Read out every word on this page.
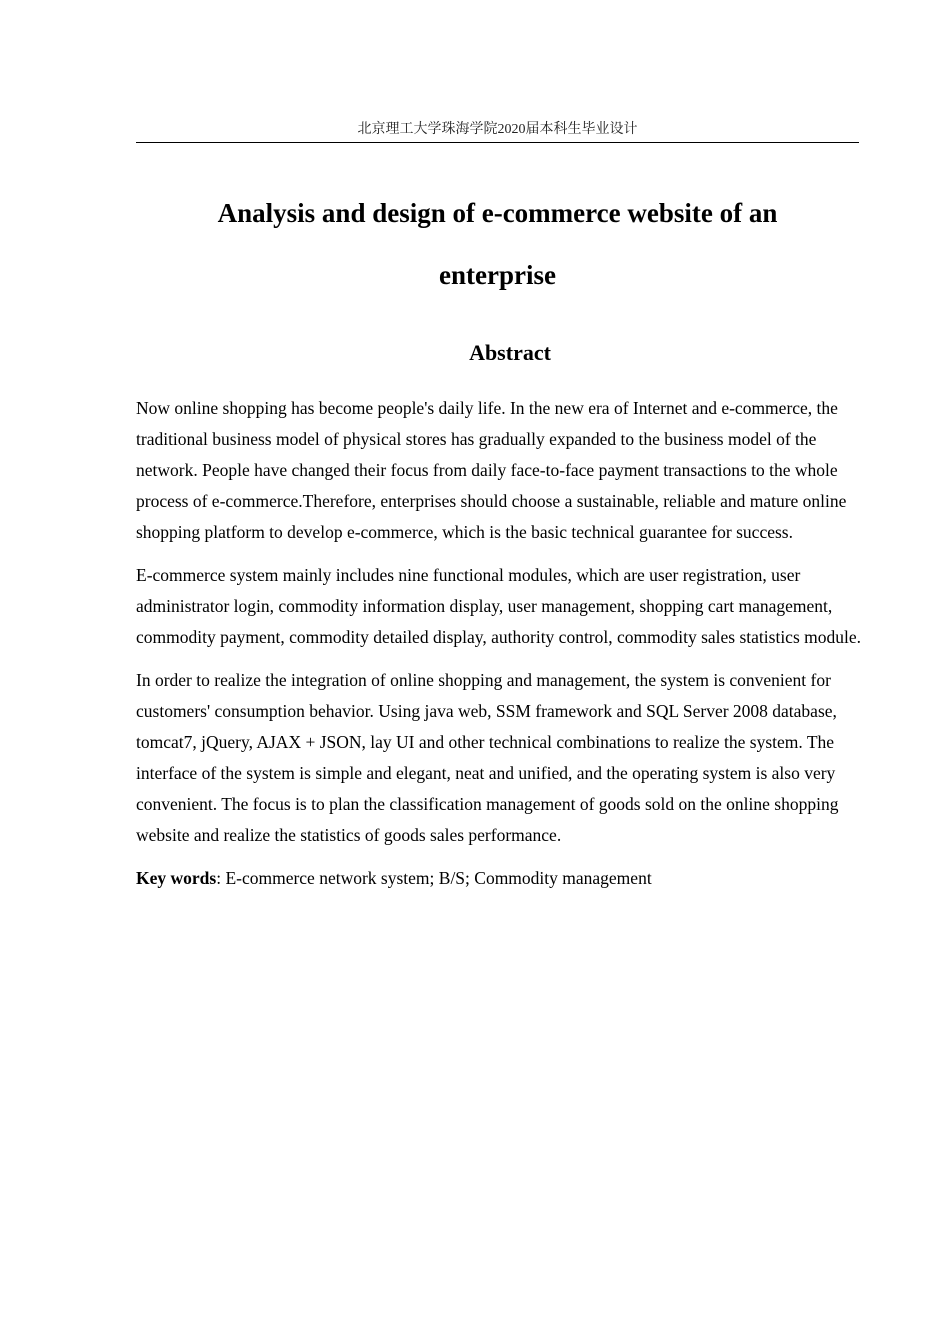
北京理工大学珠海学院2020届本科生毕业设计
Analysis and design of e-commerce website of an
enterprise
Abstract

Now online shopping has become people's daily life. In the new era of Internet and e-commerce, the traditional business model of physical stores has gradually expanded to the business model of the network. People have changed their focus from daily face-to-face payment transactions to the whole process of e-commerce.Therefore, enterprises should choose a sustainable, reliable and mature online shopping platform to develop e-commerce, which is the basic technical guarantee for success.

E-commerce system mainly includes nine functional modules, which are user registration, user administrator login, commodity information display, user management, shopping cart management, commodity payment, commodity detailed display, authority control, commodity sales statistics module.

In order to realize the integration of online shopping and management, the system is convenient for customers' consumption behavior. Using java web, SSM framework and SQL Server 2008 database, tomcat7, jQuery, AJAX + JSON, lay UI and other technical combinations to realize the system. The interface of the system is simple and elegant, neat and unified, and the operating system is also very convenient. The focus is to plan the classification management of goods sold on the online shopping website and realize the statistics of goods sales performance.

Key words: E-commerce network system; B/S; Commodity management
